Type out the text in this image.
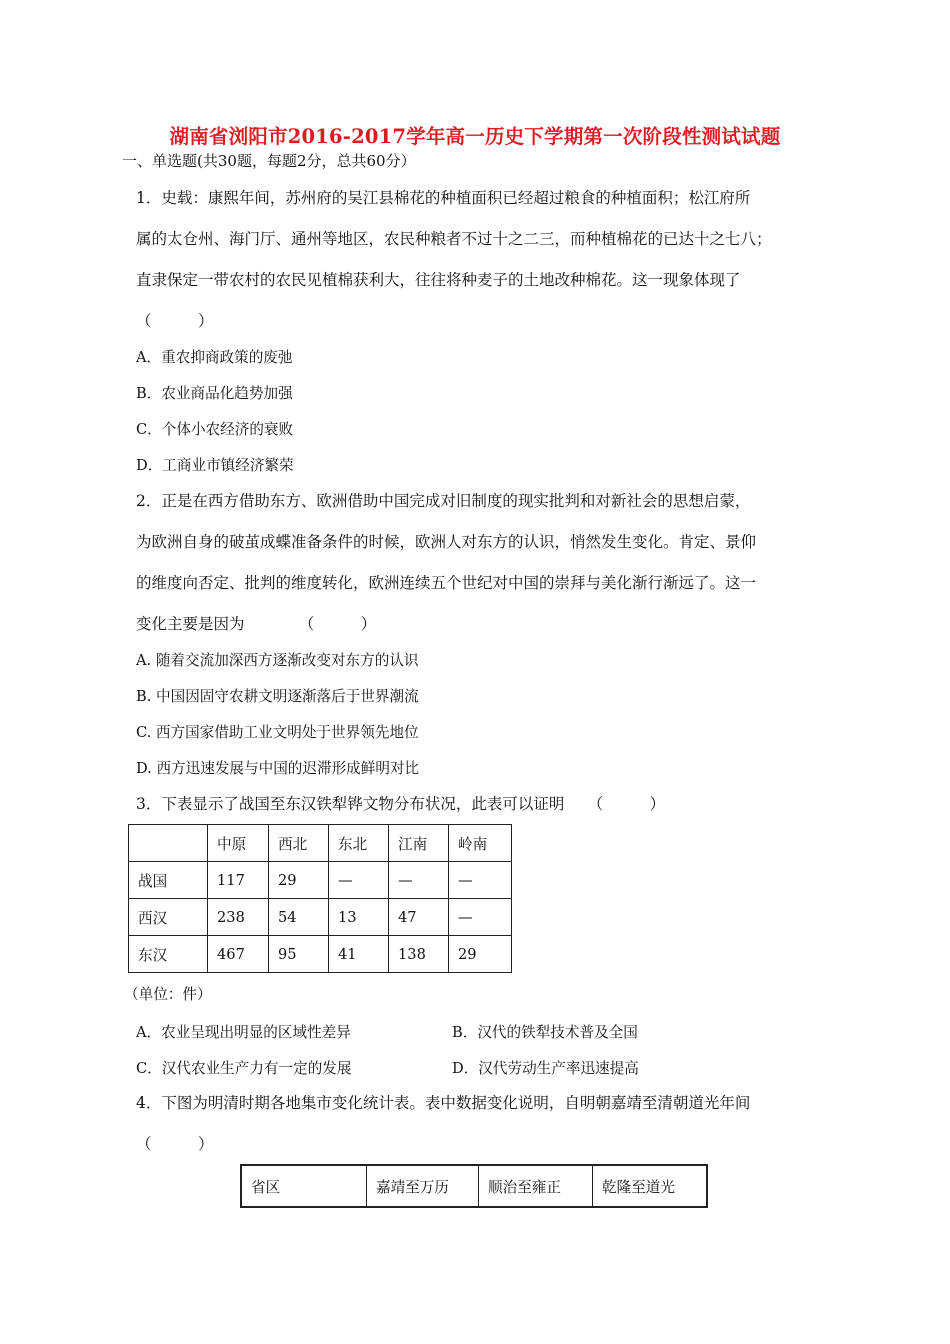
湖南省浏阳市2016-2017学年高一历史下学期第一次阶段性测试试题
一、单选题(共30题，每题2分，总共60分）
1．史载：康熙年间，苏州府的吴江县棉花的种植面积已经超过粮食的种植面积；松江府所
属的太仓州、海门厅、通州等地区，农民种粮者不过十之二三，而种植棉花的已达十之七八；
直隶保定一带农村的农民见植棉获利大，往往将种麦子的土地改种棉花。这一现象体现了
（　　　）
A．重农抑商政策的废弛
B．农业商品化趋势加强
C．个体小农经济的衰败
D．工商业市镇经济繁荣
2．正是在西方借助东方、欧洲借助中国完成对旧制度的现实批判和对新社会的思想启蒙，
为欧洲自身的破茧成蝶准备条件的时候，欧洲人对东方的认识，悄然发生变化。肯定、景仰
的维度向否定、批判的维度转化，欧洲连续五个世纪对中国的崇拜与美化渐行渐远了。这一
变化主要是因为　　　　（　　　）
A. 随着交流加深西方逐渐改变对东方的认识
B. 中国因固守农耕文明逐渐落后于世界潮流
C. 西方国家借助工业文明处于世界领先地位
D. 西方迅速发展与中国的迟滞形成鲜明对比
3．下表显示了战国至东汉铁犁铧文物分布状况，此表可以证明　　（　　　）
	中原	西北	东北	江南	岭南
战国	117	29	—	—	—
西汉	238	54	13	47	—
东汉	467	95	41	138	29
（单位：件）
A．农业呈现出明显的区域性差异	B．汉代的铁犁技术普及全国
C．汉代农业生产力有一定的发展	D．汉代劳动生产率迅速提高
4．下图为明清时期各地集市变化统计表。表中数据变化说明，自明朝嘉靖至清朝道光年间
（　　　）
省区	嘉靖至万历	顺治至雍正	乾隆至道光
